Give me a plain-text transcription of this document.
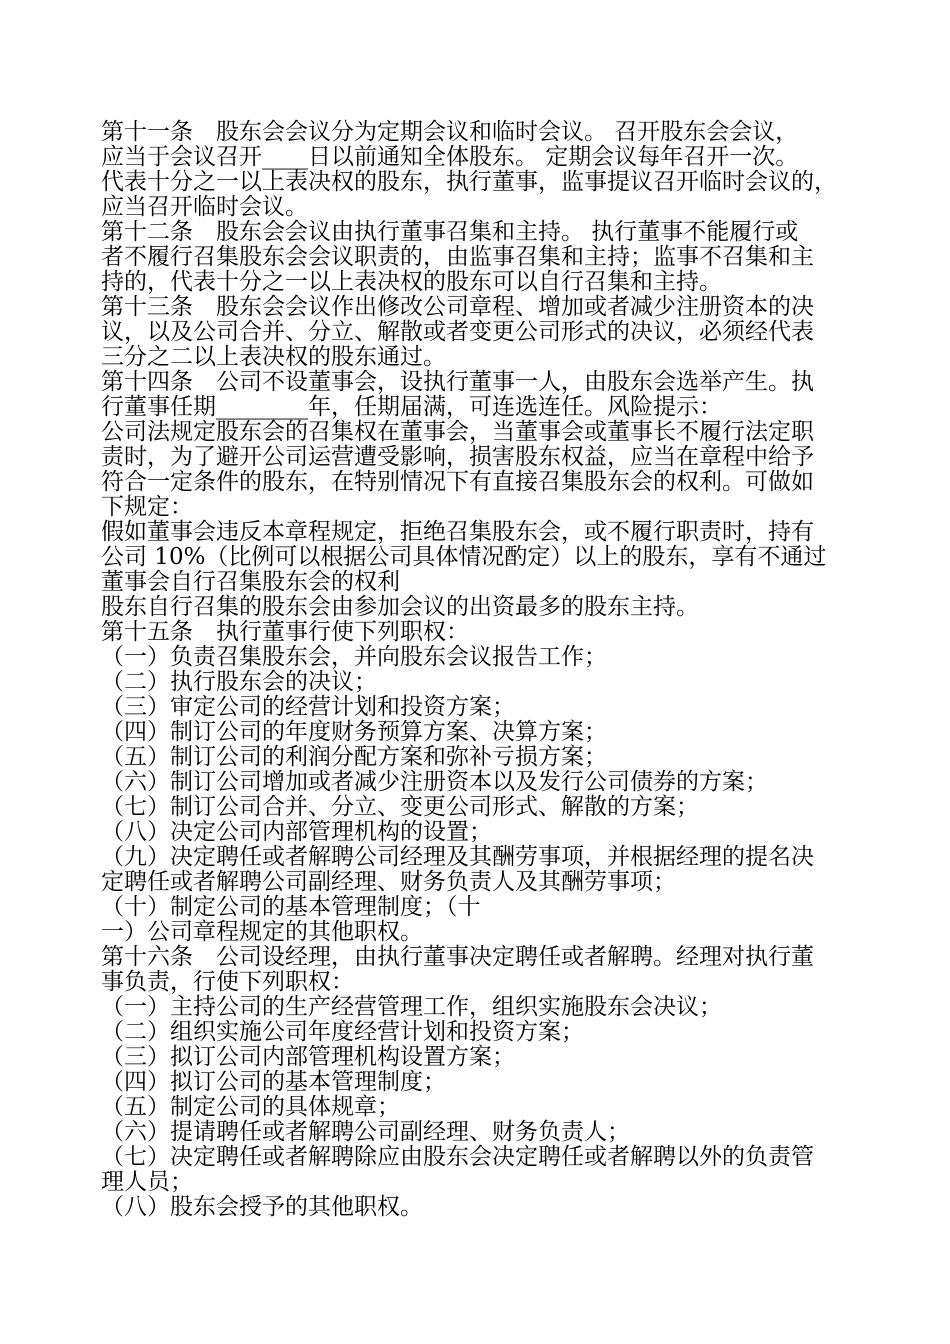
第十一条　股东会会议分为定期会议和临时会议。 召开股东会会议，
应当于会议召开____日以前通知全体股东。 定期会议每年召开一次。
代表十分之一以上表决权的股东，执行董事，监事提议召开临时会议的，
应当召开临时会议。
第十二条　股东会会议由执行董事召集和主持。 执行董事不能履行或
者不履行召集股东会会议职责的，由监事召集和主持；监事不召集和主
持的，代表十分之一以上表决权的股东可以自行召集和主持。
第十三条　股东会会议作出修改公司章程、增加或者减少注册资本的决
议，以及公司合并、分立、解散或者变更公司形式的决议，必须经代表
三分之二以上表决权的股东通过。
第十四条　公司不设董事会，设执行董事一人，由股东会选举产生。执
行董事任期________年，任期届满，可连选连任。风险提示：
公司法规定股东会的召集权在董事会，当董事会或董事长不履行法定职
责时，为了避开公司运营遭受影响，损害股东权益，应当在章程中给予
符合一定条件的股东，在特别情况下有直接召集股东会的权利。可做如
下规定：
假如董事会违反本章程规定，拒绝召集股东会，或不履行职责时，持有
公司 10%（比例可以根据公司具体情况酌定）以上的股东，享有不通过
董事会自行召集股东会的权利
股东自行召集的股东会由参加会议的出资最多的股东主持。
第十五条　执行董事行使下列职权：
（一）负责召集股东会，并向股东会议报告工作；
（二）执行股东会的决议；
（三）审定公司的经营计划和投资方案；
（四）制订公司的年度财务预算方案、决算方案；
（五）制订公司的利润分配方案和弥补亏损方案；
（六）制订公司增加或者减少注册资本以及发行公司债券的方案；
（七）制订公司合并、分立、变更公司形式、解散的方案；
（八）决定公司内部管理机构的设置；
（九）决定聘任或者解聘公司经理及其酬劳事项，并根据经理的提名决
定聘任或者解聘公司副经理、财务负责人及其酬劳事项；
（十）制定公司的基本管理制度；（十
一）公司章程规定的其他职权。
第十六条　公司设经理，由执行董事决定聘任或者解聘。经理对执行董
事负责，行使下列职权：
（一）主持公司的生产经营管理工作，组织实施股东会决议；
（二）组织实施公司年度经营计划和投资方案；
（三）拟订公司内部管理机构设置方案；
（四）拟订公司的基本管理制度；
（五）制定公司的具体规章；
（六）提请聘任或者解聘公司副经理、财务负责人；
（七）决定聘任或者解聘除应由股东会决定聘任或者解聘以外的负责管
理人员；
（八）股东会授予的其他职权。
